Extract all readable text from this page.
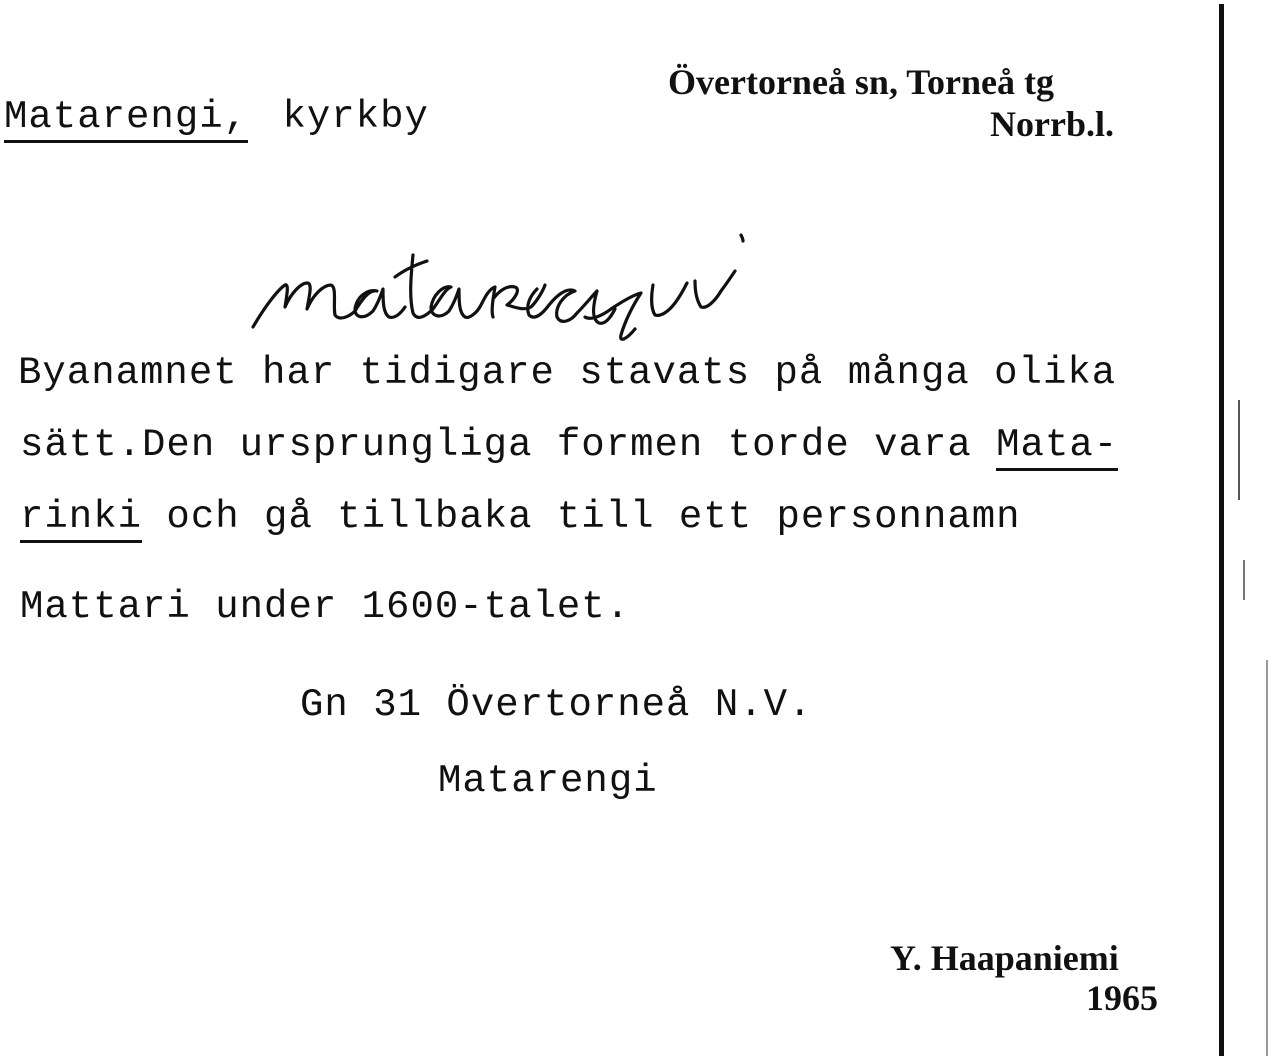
Matarengi, kyrkby
Övertorneå sn, Torneå tg
Norrb.l.
Byanamnet har tidigare stavats på många olika
sätt.Den ursprungliga formen torde vara Mata-
rinki och gå tillbaka till ett personnamn
Mattari under 1600-talet.
Gn 31 Övertorneå N.V.
Matarengi
Y. Haapaniemi
1965
